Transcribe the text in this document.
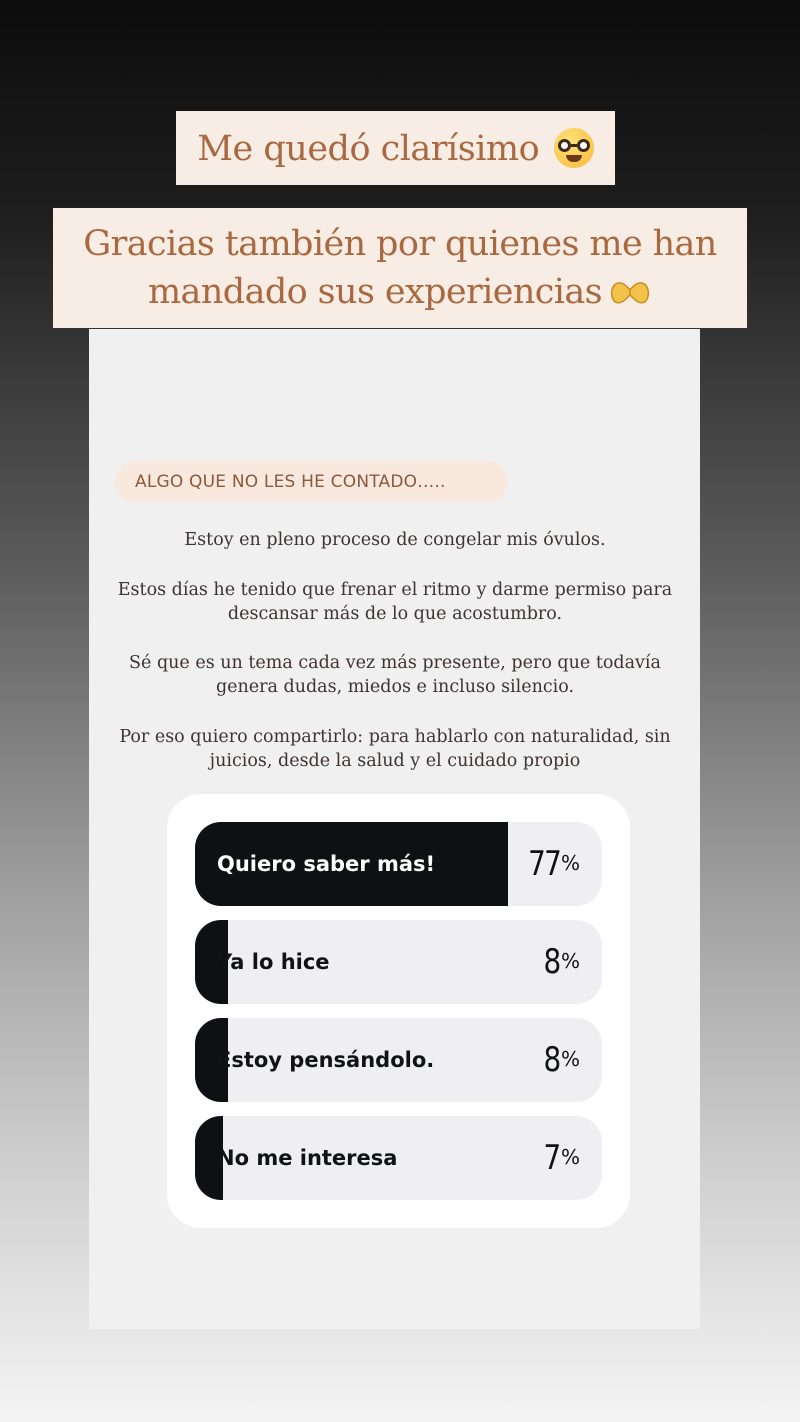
Me quedó clarísimo
Gracias también por quienes me han
mandado sus experiencias
ALGO QUE NO LES HE CONTADO…..

Estoy en pleno proceso de congelar mis óvulos.

Estos días he tenido que frenar el ritmo y darme permiso para descansar más de lo que acostumbro.

Sé que es un tema cada vez más presente, pero que todavía genera dudas, miedos e incluso silencio.

Por eso quiero compartirlo: para hablarlo con naturalidad, sin juicios, desde la salud y el cuidado propio

Quiero saber más!	77 %
Ya lo hice	8 %
Estoy pensándolo.	8 %
No me interesa	7 %
